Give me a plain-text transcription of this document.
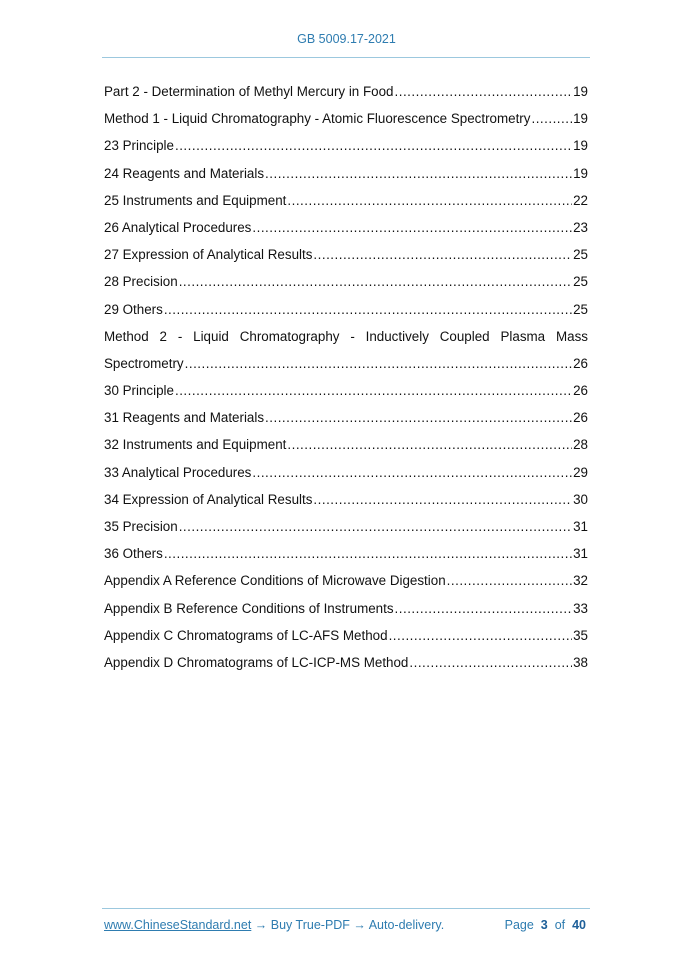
GB 5009.17-2021
Part 2 - Determination of Methyl Mercury in Food .....	19
Method 1 - Liquid Chromatography - Atomic Fluorescence Spectrometry .....	19
23 Principle .....	19
24 Reagents and Materials .....	19
25 Instruments and Equipment .....	22
26 Analytical Procedures .....	23
27 Expression of Analytical Results .....	25
28 Precision .....	25
29 Others .....	25
Method 2 - Liquid Chromatography - Inductively Coupled Plasma Mass
Spectrometry .....	26
30 Principle .....	26
31 Reagents and Materials .....	26
32 Instruments and Equipment .....	28
33 Analytical Procedures .....	29
34 Expression of Analytical Results .....	30
35 Precision .....	31
36 Others .....	31
Appendix A Reference Conditions of Microwave Digestion .....	32
Appendix B Reference Conditions of Instruments .....	33
Appendix C Chromatograms of LC-AFS Method .....	35
Appendix D Chromatograms of LC-ICP-MS Method .....	38
www.ChineseStandard.net → Buy True-PDF → Auto-delivery.	Page 3 of 40
